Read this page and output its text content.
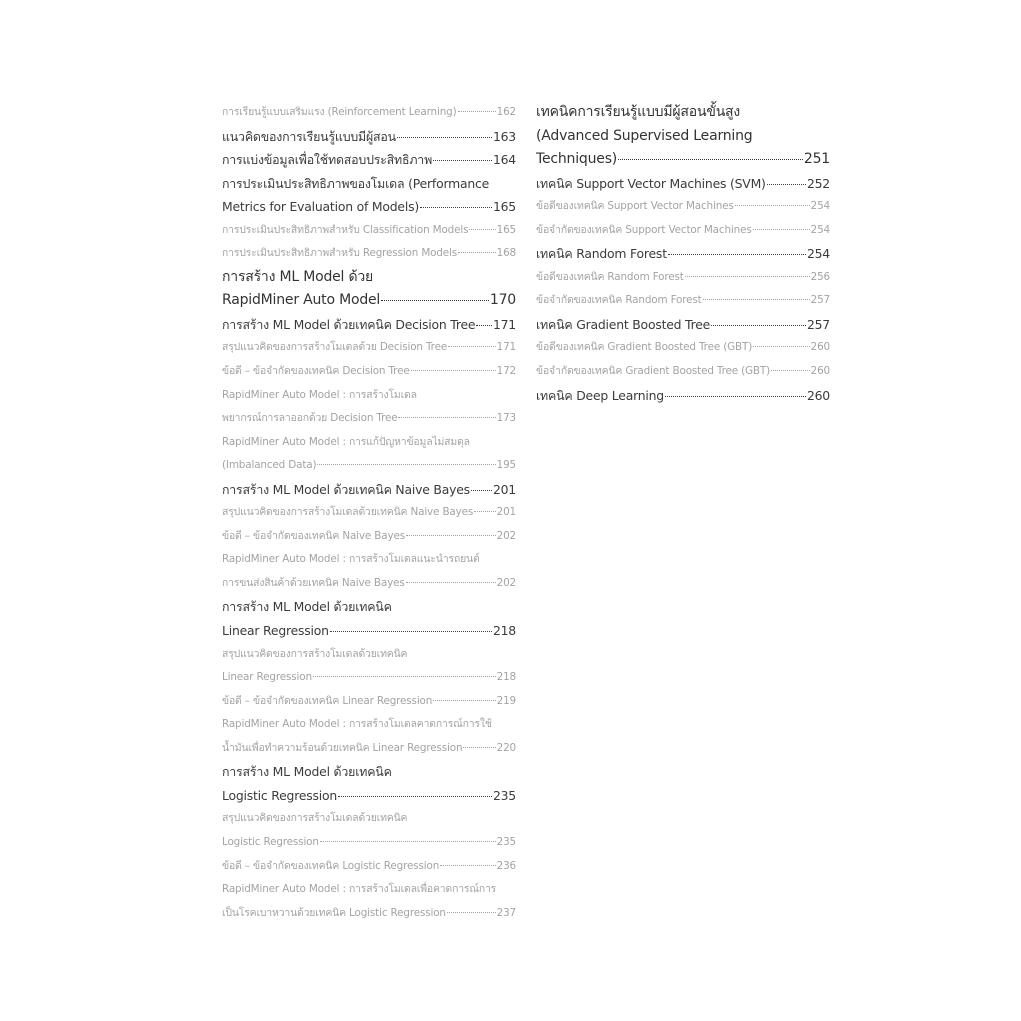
การเรียนรู้แบบเสริมแรง (Reinforcement Learning)	162
แนวคิดของการเรียนรู้แบบมีผู้สอน	163
การแบ่งข้อมูลเพื่อใช้ทดสอบประสิทธิภาพ	164
การประเมินประสิทธิภาพของโมเดล (Performance
Metrics for Evaluation of Models)	165
การประเมินประสิทธิภาพสำหรับ Classification Models	165
การประเมินประสิทธิภาพสำหรับ Regression Models	168
การสร้าง ML Model ด้วย
RapidMiner Auto Model	170
การสร้าง ML Model ด้วยเทคนิค Decision Tree 171
สรุปแนวคิดของการสร้างโมเดลด้วย Decision Tree	171
ข้อดี – ข้อจำกัดของเทคนิค Decision Tree	172
RapidMiner Auto Model : การสร้างโมเดล
พยากรณ์การลาออกด้วย Decision Tree	173
RapidMiner Auto Model : การแก้ปัญหาข้อมูลไม่สมดุล
(Imbalanced Data)	195
การสร้าง ML Model ด้วยเทคนิค Naive Bayes 201
สรุปแนวคิดของการสร้างโมเดลด้วยเทคนิค Naive Bayes 201
ข้อดี – ข้อจำกัดของเทคนิค Naive Bayes	202
RapidMiner Auto Model : การสร้างโมเดลแนะนำรถยนต์
การขนส่งสินค้าด้วยเทคนิค Naive Bayes	202
การสร้าง ML Model ด้วยเทคนิค
Linear Regression	218
สรุปแนวคิดของการสร้างโมเดลด้วยเทคนิค
Linear Regression	218
ข้อดี – ข้อจำกัดของเทคนิค Linear Regression	219
RapidMiner Auto Model : การสร้างโมเดลคาดการณ์การใช้
น้ำมันเพื่อทำความร้อนด้วยเทคนิค Linear Regression	220
การสร้าง ML Model ด้วยเทคนิค
Logistic Regression	235
สรุปแนวคิดของการสร้างโมเดลด้วยเทคนิค
Logistic Regression	235
ข้อดี – ข้อจำกัดของเทคนิค Logistic Regression	236
RapidMiner Auto Model : การสร้างโมเดลเพื่อคาดการณ์การ
เป็นโรคเบาหวานด้วยเทคนิค Logistic Regression	237
เทคนิคการเรียนรู้แบบมีผู้สอนขั้นสูง
(Advanced Supervised Learning
Techniques)	251
เทคนิค Support Vector Machines (SVM)	252
ข้อดีของเทคนิค Support Vector Machines	254
ข้อจำกัดของเทคนิค Support Vector Machines	254
เทคนิค Random Forest	254
ข้อดีของเทคนิค Random Forest	256
ข้อจำกัดของเทคนิค Random Forest	257
เทคนิค Gradient Boosted Tree	257
ข้อดีของเทคนิค Gradient Boosted Tree (GBT)	260
ข้อจำกัดของเทคนิค Gradient Boosted Tree (GBT)	260
เทคนิค Deep Learning	260
